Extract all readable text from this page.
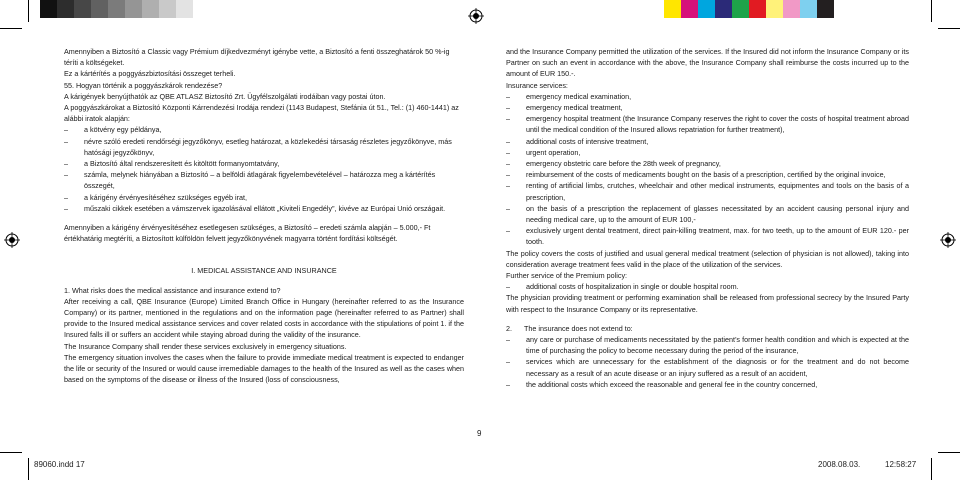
Amennyiben a Biztosító a Classic vagy Prémium díjkedvezményt igénybe vette, a Biztosító a fenti összeghatárok 50 %-ig téríti a költségeket.

Ez a kártérítés a poggyászbiztosítási összeget terheli.

55. Hogyan történik a poggyászkárok rendezése?

A kárigények benyújthatók az QBE ATLASZ Biztosító Zrt. Ügyfélszolgálati irodáiban vagy postai úton.

A poggyászkárokat a Biztosító Központi Kárrendezési Irodája rendezi (1143 Budapest, Stefánia út 51., Tel.: (1) 460-1441) az alábbi iratok alapján:

– a kötvény egy példánya,

– névre szóló eredeti rendőrségi jegyzőkönyv, esetleg határozat, a közlekedési társaság részletes jegyzőkönyve, más hatósági jegyzőkönyv,

– a Biztosító által rendszeresített és kitöltött formanyomtatvány,

– számla, melynek hiányában a Biztosító – a belföldi átlagárak figyelembevételével – határozza meg a kártérítés összegét,

– a kárigény érvényesítéséhez szükséges egyéb irat,

– műszaki cikkek esetében a vámszervek igazolásával ellátott „Kiviteli Engedély”, kivéve az Európai Unió országait.

Amennyiben a kárigény érvényesítéséhez esetlegesen szükséges, a Biztosító – eredeti számla alapján – 5.000,- Ft értékhatárig megtéríti, a Biztosított külföldön felvett jegyzőkönyvének magyarra történt fordítási költségét.

I. MEDICAL ASSISTANCE AND INSURANCE

1. What risks does the medical assistance and insurance extend to?

After receiving a call, QBE Insurance (Europe) Limited Branch Office in Hungary (hereinafter referred to as the Insurance Company) or its partner, mentioned in the regulations and on the information page (hereinafter referred to as Partner) shall provide to the Insured medical assistance services and cover related costs in accordance with the stipulations of point 1. if the Insured falls ill or suffers an accident while staying abroad during the validity of the insurance.

The Insurance Company shall render these services exclusively in emergency situations.

The emergency situation involves the cases when the failure to provide immediate medical treatment is expected to endanger the life or security of the Insured or would cause irremediable damages to the health of the Insured as well as the cases when based on the symptoms of the disease or illness of the Insured (loss of consciousness,

and the Insurance Company permitted the utilization of the services. If the Insured did not inform the Insurance Company or its Partner on such an event in accordance with the above, the Insurance Company shall reimburse the costs incurred up to the amount of EUR 150.-.

Insurance services:

– emergency medical examination,

– emergency medical treatment,

– emergency hospital treatment (the Insurance Company reserves the right to cover the costs of hospital treatment abroad until the medical condition of the Insured allows repatriation for further treatment),

– additional costs of intensive treatment,

– urgent operation,

– emergency obstetric care before the 28th week of pregnancy,

– reimbursement of the costs of medicaments bought on the basis of a prescription, certified by the original invoice,

– renting of artificial limbs, crutches, wheelchair and other medical instruments, equipmentes and tools on the basis of a prescription,

– on the basis of a prescription the replacement of glasses necessitated by an accident causing personal injury and needing medical care, up to the amount of EUR 100,-

– exclusively urgent dental treatment, direct pain-killing treatment, max. for two teeth, up to the amount of EUR 120.- per tooth.

The policy covers the costs of justified and usual general medical treatment (selection of physician is not allowed), taking into consideration average treatment fees valid in the place of the utilization of the services.

Further service of the Premium policy:

– additional costs of hospitalization in single or double hospital room.

The physician providing treatment or performing examination shall be released from professional secrecy by the Insured Party with respect to the Insurance Company or its representative.

2. The insurance does not extend to:

– any care or purchase of medicaments necessitated by the patient’s former health condition and which is expected at the time of purchasing the policy to become necessary during the period of the insurance,

– services which are unnecessary for the establishment of the diagnosis or for the treatment and do not become necessary as a result of an acute disease or an injury suffered as a result of an accident,

– the additional costs which exceed the reasonable and general fee in the country concerned,

9
89060.indd 17	2008.08.03.	12:58:27
